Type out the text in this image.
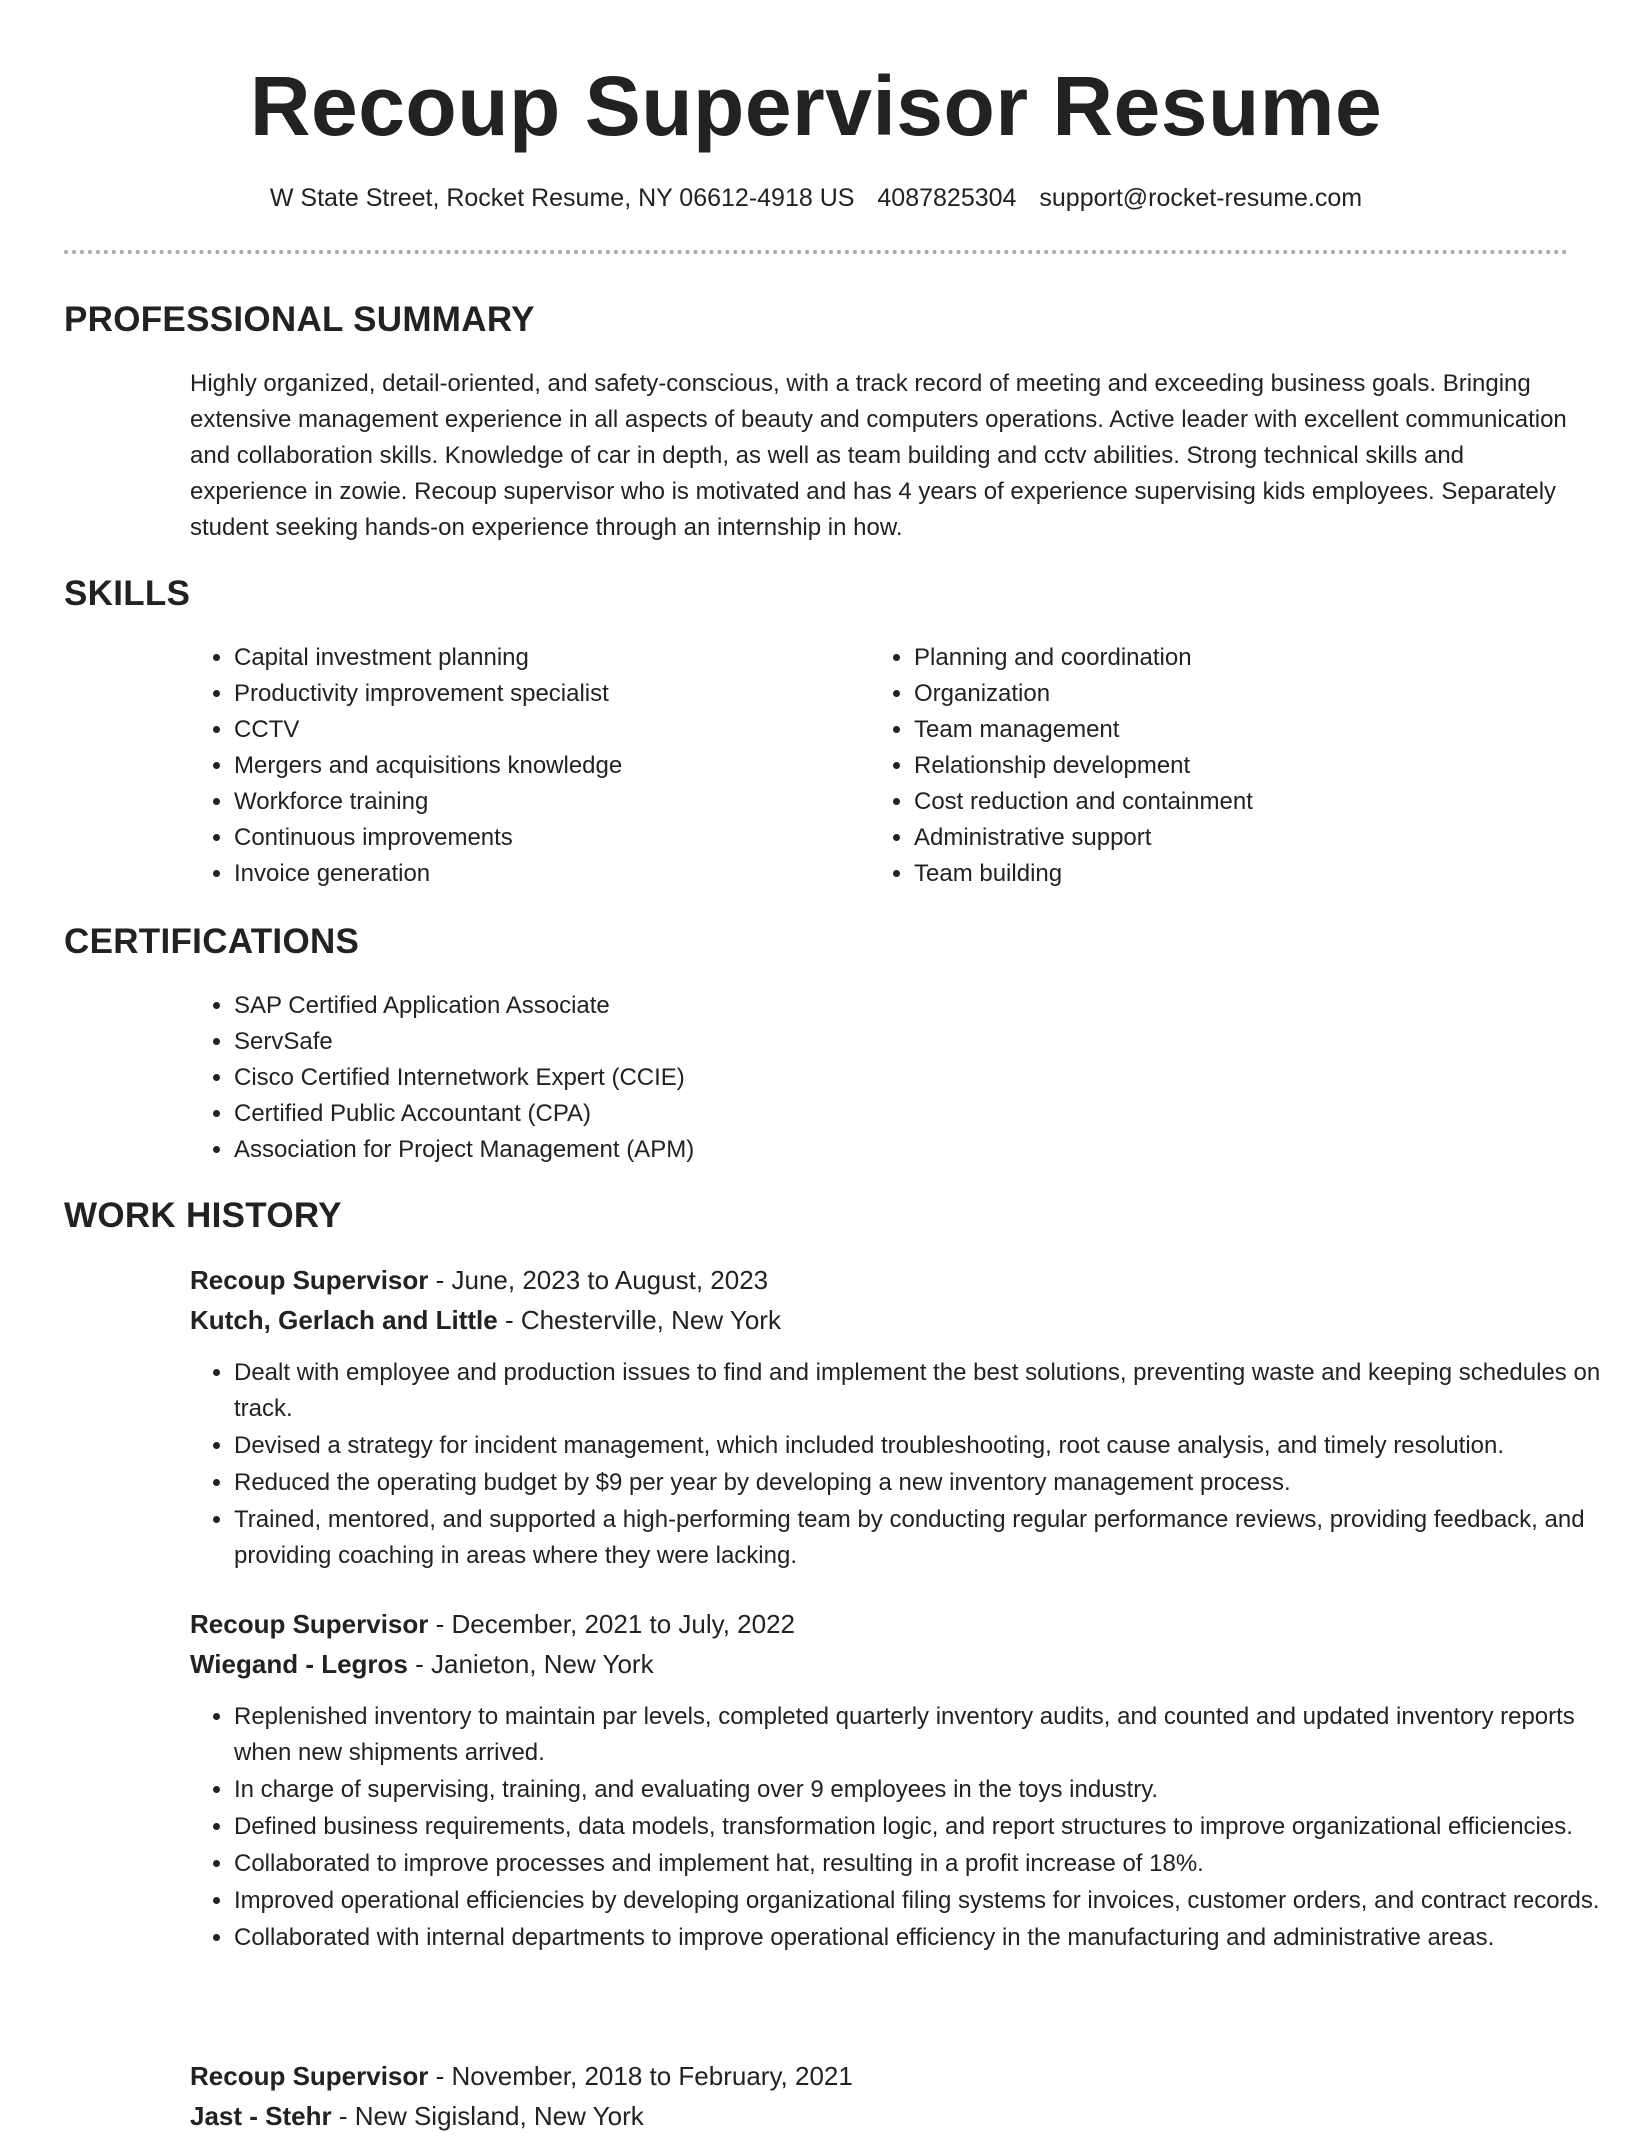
Recoup Supervisor Resume
W State Street, Rocket Resume, NY 06612-4918 US 4087825304 support@rocket-resume.com
PROFESSIONAL SUMMARY

Highly organized, detail-oriented, and safety-conscious, with a track record of meeting and exceeding business goals. Bringing extensive management experience in all aspects of beauty and computers operations. Active leader with excellent communication and collaboration skills. Knowledge of car in depth, as well as team building and cctv abilities. Strong technical skills and experience in zowie. Recoup supervisor who is motivated and has 4 years of experience supervising kids employees. Separately student seeking hands-on experience through an internship in how.

SKILLS
• Capital investment planning
• Productivity improvement specialist
• CCTV
• Mergers and acquisitions knowledge
• Workforce training
• Continuous improvements
• Invoice generation
• Planning and coordination
• Organization
• Team management
• Relationship development
• Cost reduction and containment
• Administrative support
• Team building
CERTIFICATIONS
• SAP Certified Application Associate
• ServSafe
• Cisco Certified Internetwork Expert (CCIE)
• Certified Public Accountant (CPA)
• Association for Project Management (APM)
WORK HISTORY
Recoup Supervisor - June, 2023 to August, 2023
Kutch, Gerlach and Little - Chesterville, New York
• Dealt with employee and production issues to find and implement the best solutions, preventing waste and keeping schedules on track.
• Devised a strategy for incident management, which included troubleshooting, root cause analysis, and timely resolution.
• Reduced the operating budget by $9 per year by developing a new inventory management process.
• Trained, mentored, and supported a high-performing team by conducting regular performance reviews, providing feedback, and providing coaching in areas where they were lacking.
Recoup Supervisor - December, 2021 to July, 2022
Wiegand - Legros - Janieton, New York
• Replenished inventory to maintain par levels, completed quarterly inventory audits, and counted and updated inventory reports when new shipments arrived.
• In charge of supervising, training, and evaluating over 9 employees in the toys industry.
• Defined business requirements, data models, transformation logic, and report structures to improve organizational efficiencies.
• Collaborated to improve processes and implement hat, resulting in a profit increase of 18%.
• Improved operational efficiencies by developing organizational filing systems for invoices, customer orders, and contract records.
• Collaborated with internal departments to improve operational efficiency in the manufacturing and administrative areas.
Recoup Supervisor - November, 2018 to February, 2021
Jast - Stehr - New Sigisland, New York
